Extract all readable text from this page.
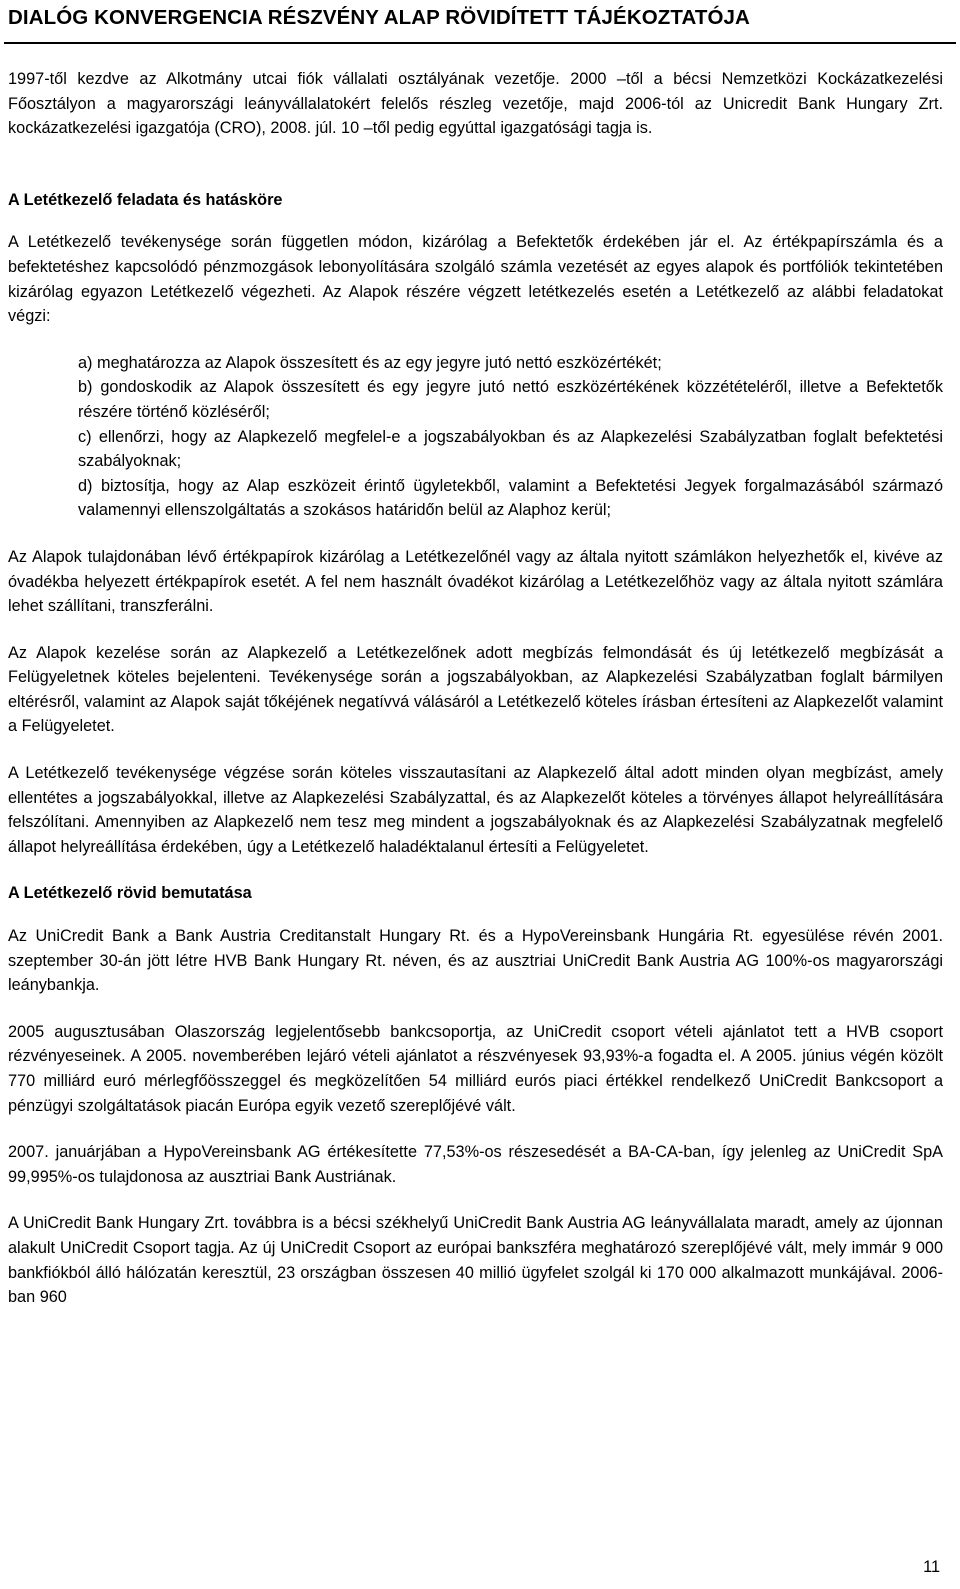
DIALÓG KONVERGENCIA RÉSZVÉNY ALAP RÖVIDÍTETT TÁJÉKOZTATÓJA

1997-től kezdve az Alkotmány utcai fiók vállalati osztályának vezetője. 2000 –től a bécsi Nemzetközi Kockázatkezelési Főosztályon a magyarországi leányvállalatokért felelős részleg vezetője, majd 2006-tól az Unicredit Bank Hungary Zrt. kockázatkezelési igazgatója (CRO), 2008. júl. 10 –től pedig egyúttal igazgatósági tagja is.

A Letétkezelő feladata és hatásköre

A Letétkezelő tevékenysége során független módon, kizárólag a Befektetők érdekében jár el. Az értékpapírszámla és a befektetéshez kapcsolódó pénzmozgások lebonyolítására szolgáló számla vezetését az egyes alapok és portfóliók tekintetében kizárólag egyazon Letétkezelő végezheti. Az Alapok részére végzett letétkezelés esetén a Letétkezelő az alábbi feladatokat végzi:

a) meghatározza az Alapok összesített és az egy jegyre jutó nettó eszközértékét;
b) gondoskodik az Alapok összesített és egy jegyre jutó nettó eszközértékének közzétételéről, illetve a Befektetők részére történő közléséről;
c) ellenőrzi, hogy az Alapkezelő megfelel-e a jogszabályokban és az Alapkezelési Szabályzatban foglalt befektetési szabályoknak;
d) biztosítja, hogy az Alap eszközeit érintő ügyletekből, valamint a Befektetési Jegyek forgalmazásából származó valamennyi ellenszolgáltatás a szokásos határidőn belül az Alaphoz kerül;

Az Alapok tulajdonában lévő értékpapírok kizárólag a Letétkezelőnél vagy az általa nyitott számlákon helyezhetők el, kivéve az óvadékba helyezett értékpapírok esetét. A fel nem használt óvadékot kizárólag a Letétkezelőhöz vagy az általa nyitott számlára lehet szállítani, transzferálni.

Az Alapok kezelése során az Alapkezelő a Letétkezelőnek adott megbízás felmondását és új letétkezelő megbízását a Felügyeletnek köteles bejelenteni. Tevékenysége során a jogszabályokban, az Alapkezelési Szabályzatban foglalt bármilyen eltérésről, valamint az Alapok saját tőkéjének negatívvá válásáról a Letétkezelő köteles írásban értesíteni az Alapkezelőt valamint a Felügyeletet.

A Letétkezelő tevékenysége végzése során köteles visszautasítani az Alapkezelő által adott minden olyan megbízást, amely ellentétes a jogszabályokkal, illetve az Alapkezelési Szabályzattal, és az Alapkezelőt köteles a törvényes állapot helyreállítására felszólítani. Amennyiben az Alapkezelő nem tesz meg mindent a jogszabályoknak és az Alapkezelési Szabályzatnak megfelelő állapot helyreállítása érdekében, úgy a Letétkezelő haladéktalanul értesíti a Felügyeletet.

A Letétkezelő rövid bemutatása

Az UniCredit Bank a Bank Austria Creditanstalt Hungary Rt. és a HypoVereinsbank Hungária Rt. egyesülése révén 2001. szeptember 30-án jött létre HVB Bank Hungary Rt. néven, és az ausztriai UniCredit Bank Austria AG 100%-os magyarországi leánybankja.

2005 augusztusában Olaszország legjelentősebb bankcsoportja, az UniCredit csoport vételi ajánlatot tett a HVB csoport rézvényeseinek. A 2005. novemberében lejáró vételi ajánlatot a részvényesek 93,93%-a fogadta el. A 2005. június végén közölt 770 milliárd euró mérlegfőösszeggel és megközelítően 54 milliárd eurós piaci értékkel rendelkező UniCredit Bankcsoport a pénzügyi szolgáltatások piacán Európa egyik vezető szereplőjévé vált.

2007. januárjában a HypoVereinsbank AG értékesítette 77,53%-os részesedését a BA-CA-ban, így jelenleg az UniCredit SpA 99,995%-os tulajdonosa az ausztriai Bank Austriának.

A UniCredit Bank Hungary Zrt. továbbra is a bécsi székhelyű UniCredit Bank Austria AG leányvállalata maradt, amely az újonnan alakult UniCredit Csoport tagja. Az új UniCredit Csoport az európai bankszféra meghatározó szereplőjévé vált, mely immár 9 000 bankfiókból álló hálózatán keresztül, 23 országban összesen 40 millió ügyfelet szolgál ki 170 000 alkalmazott munkájával. 2006-ban 960

11
